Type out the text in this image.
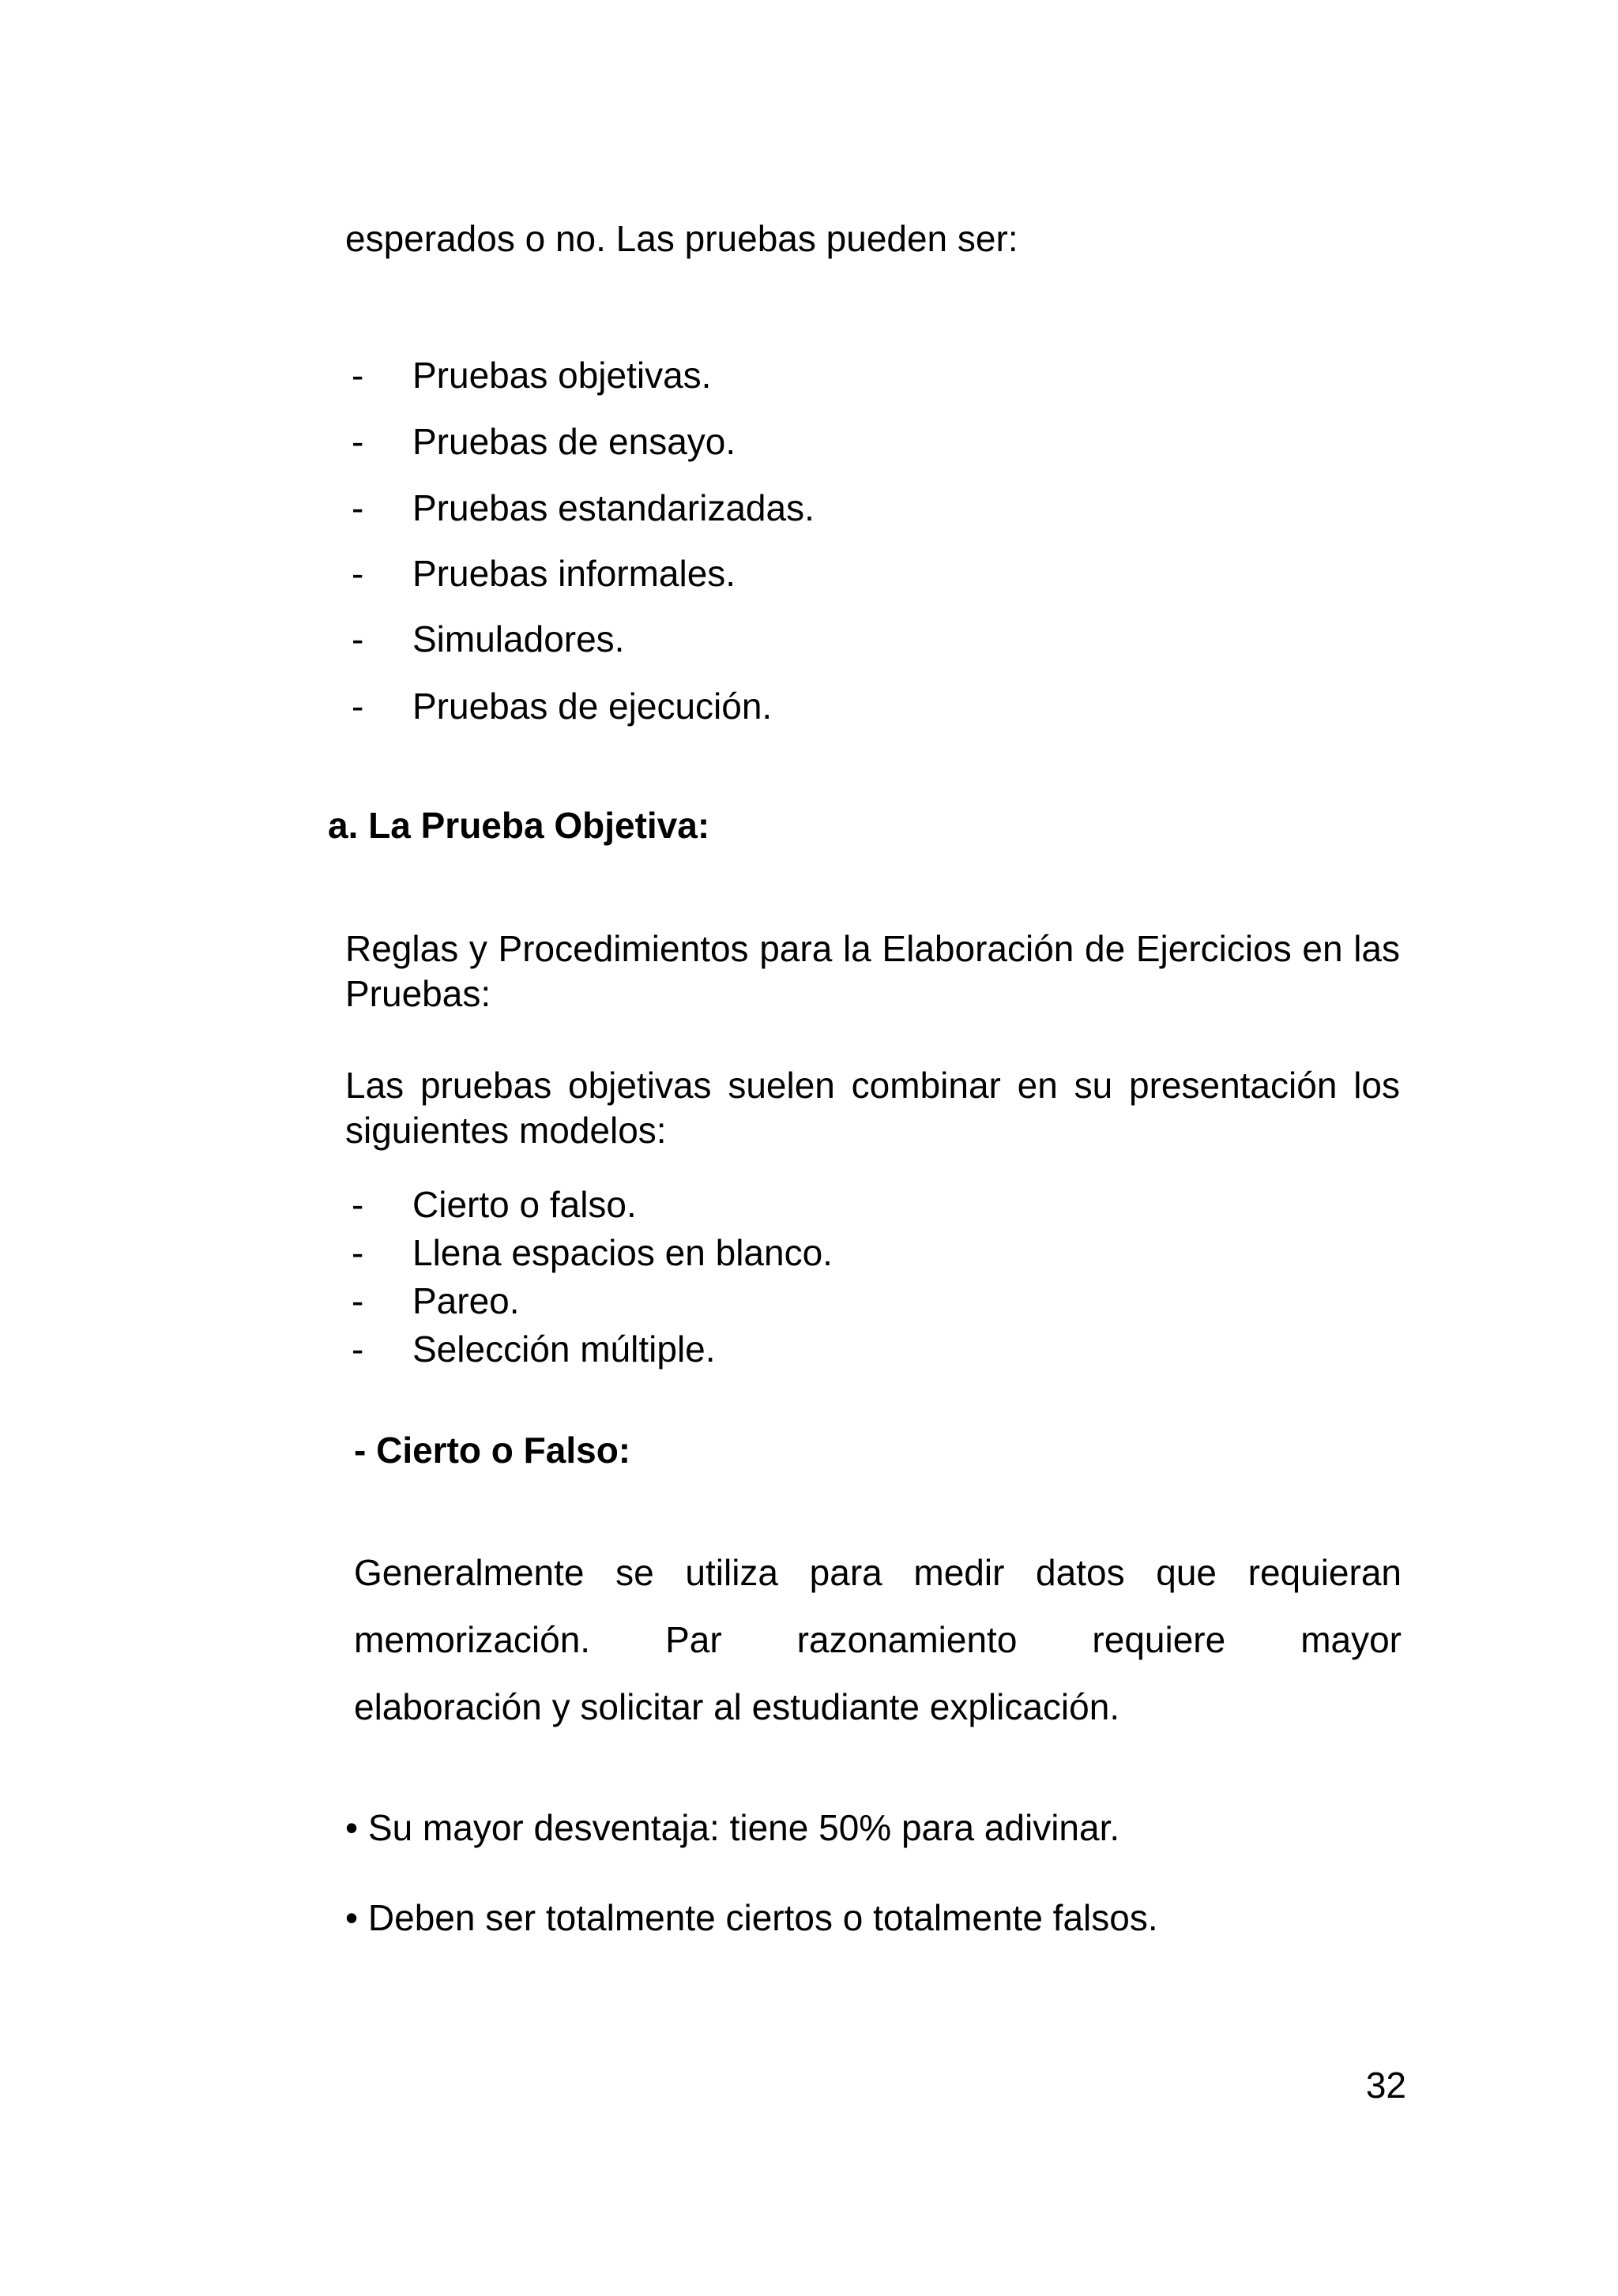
esperados o no. Las pruebas pueden ser:

- Pruebas objetivas.
- Pruebas de ensayo.
- Pruebas estandarizadas.
- Pruebas informales.
- Simuladores.
- Pruebas de ejecución.
a. La Prueba Objetiva:

Reglas y Procedimientos para la Elaboración de Ejercicios en las Pruebas:

Las pruebas objetivas suelen combinar en su presentación los siguientes modelos:

- Cierto o falso.
- Llena espacios en blanco.
- Pareo.
- Selección múltiple.
- Cierto o Falso:
Generalmente se utiliza para medir datos que requieran
memorización. Par razonamiento requiere mayor
elaboración y solicitar al estudiante explicación.
• Su mayor desventaja: tiene 50% para adivinar.
• Deben ser totalmente ciertos o totalmente falsos.
32
